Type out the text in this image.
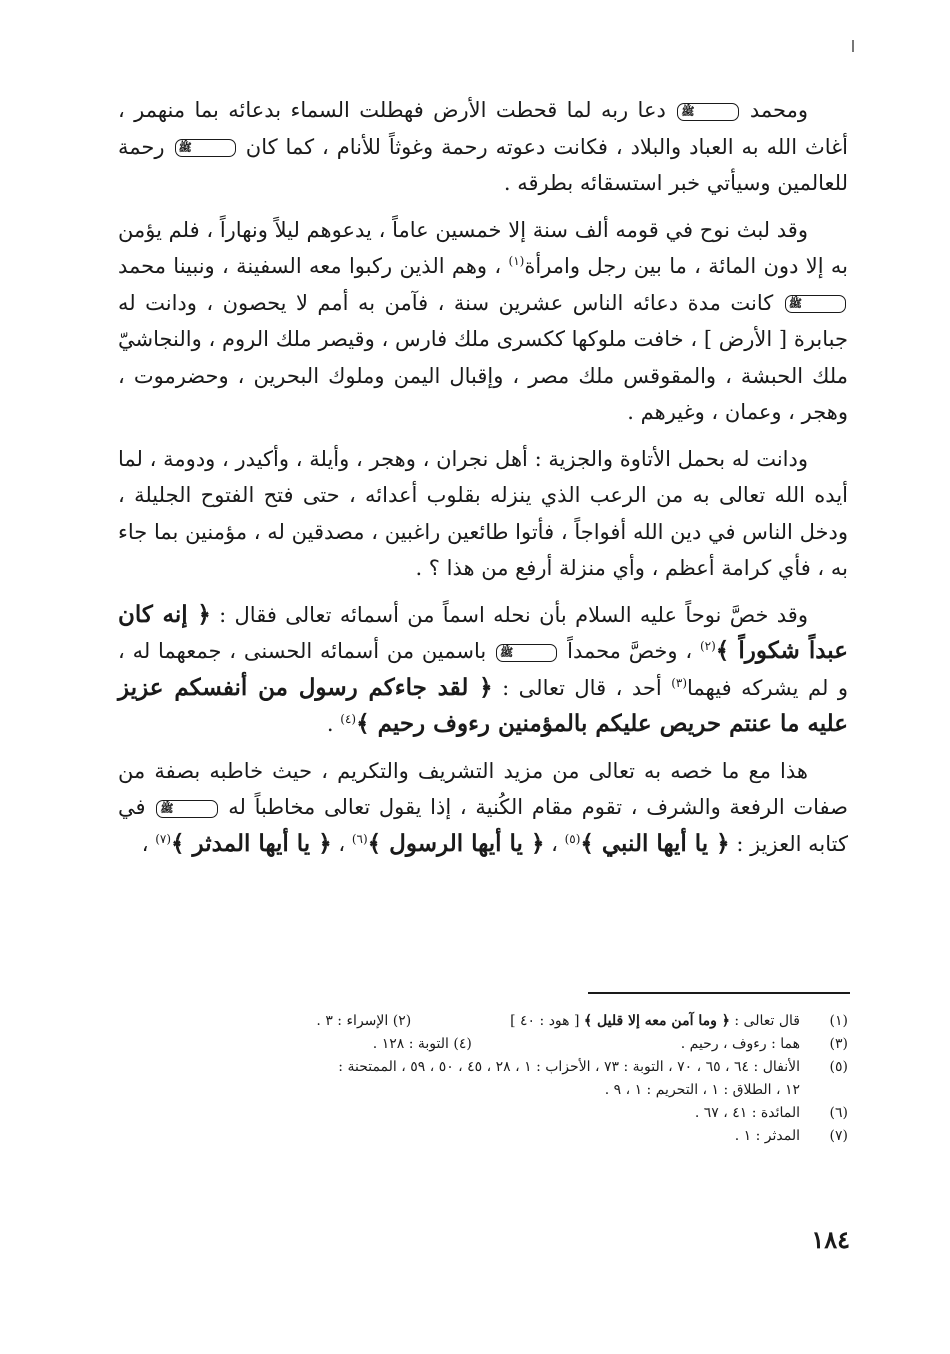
ومحمد ﷺ دعا ربه لما قحطت الأرض فهطلت السماء بدعائه بما منهمر ، أغاث الله به العباد والبلاد ، فكانت دعوته رحمة وغوثاً للأنام ، كما كان ﷺ رحمة للعالمين وسيأتي خبر استسقائه بطرقه .

وقد لبث نوح في قومه ألف سنة إلا خمسين عاماً ، يدعوهم ليلاً ونهاراً ، فلم يؤمن به إلا دون المائة ، ما بين رجل وامرأة$^{(١)}$ ، وهم الذين ركبوا معه السفينة ، ونبينا محمد ﷺ كانت مدة دعائه الناس عشرين سنة ، فآمن به أمم لا يحصون ، ودانت له جبابرة [ الأرض ] ، خافت ملوكها ككسرى ملك فارس ، وقيصر ملك الروم ، والنجاشيّ ملك الحبشة ، والمقوقس ملك مصر ، وإقبال اليمن وملوك البحرين ، وحضرموت ، وهجر ، وعمان ، وغيرهم .

ودانت له بحمل الأتاوة والجزية : أهل نجران ، وهجر ، وأيلة ، وأكيدر ، ودومة ، لما أيده الله تعالى به من الرعب الذي ينزله بقلوب أعدائه ، حتى فتح الفتوح الجليلة ، ودخل الناس في دين الله أفواجاً ، فأتوا طائعين راغبين ، مصدقين له ، مؤمنين بما جاء به ، فأي كرامة أعظم ، وأي منزلة أرفع من هذا ؟ .

وقد خصَّ نوحاً عليه السلام بأن نحله اسماً من أسمائه تعالى فقال : ﴿ إنه كان عبداً شكوراً ﴾$^{(٢)}$ ، وخصَّ محمداً ﷺ باسمين من أسمائه الحسنى ، جمعهما له ، و لم يشركه فيهما$^{(٣)}$ أحد ، قال تعالى : ﴿ لقد جاءكم رسول من أنفسكم عزيز عليه ما عنتم حريص عليكم بالمؤمنين رءوف رحيم ﴾$^{(٤)}$ .

هذا مع ما خصه به تعالى من مزيد التشريف والتكريم ، حيث خاطبه بصفة من صفات الرفعة والشرف ، تقوم مقام الكُنية ، إذا يقول تعالى مخاطباً له ﷺ في كتابه العزيز : ﴿ يا أيها النبي ﴾$^{(٥)}$ ، ﴿ يا أيها الرسول ﴾$^{(٦)}$ ، ﴿ يا أيها المدثر ﴾$^{(٧)}$ ،

(١)
قال تعالى : ﴿ وما آمن معه إلا قليل ﴾ [ هود : ٤٠ ]  (٢) الإسراء : ٣ .
(٣)
هما : رءوف ، رحيم .  (٤) التوبة : ١٢٨ .
(٥)
الأنفال : ٦٤ ، ٦٥ ، ٧٠ ، التوبة : ٧٣ ، الأحزاب : ١ ، ٢٨ ، ٤٥ ، ٥٠ ، ٥٩ ، الممتحنة :
١٢ ، الطلاق : ١ ، التحريم : ١ ، ٩ .
(٦)
المائدة : ٤١ ، ٦٧ .
(٧)
المدثر : ١ .
١٨٤
